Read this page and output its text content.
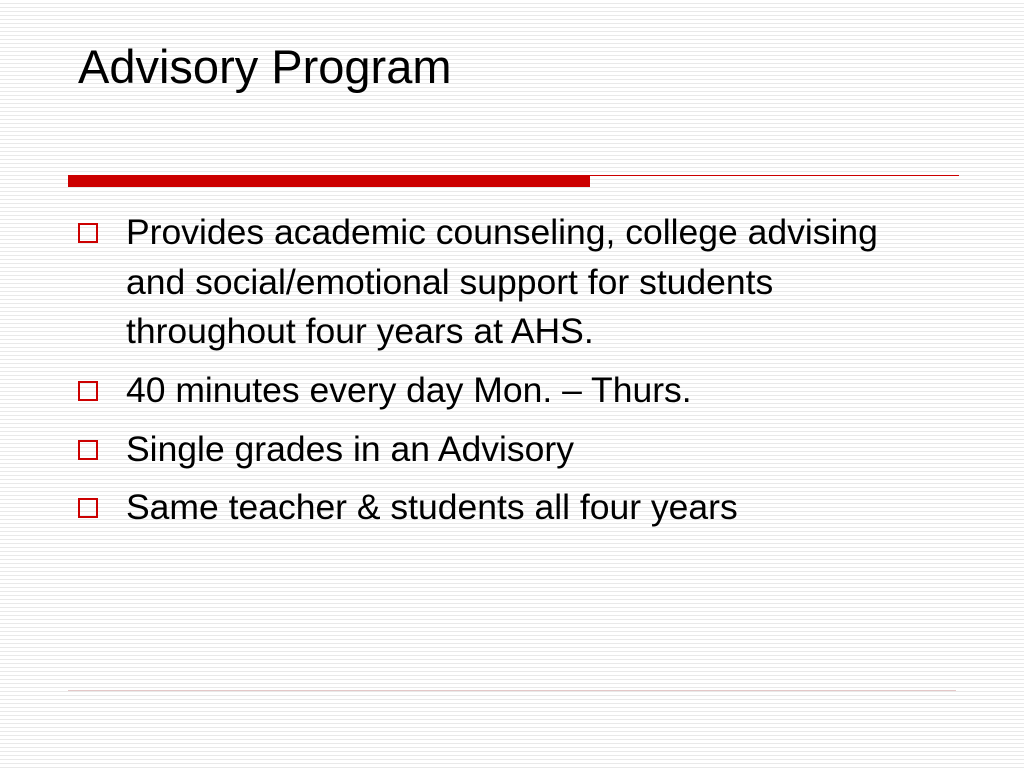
Advisory Program
Provides academic counseling, college advising and social/emotional support for students throughout four years at AHS.
40 minutes every day Mon. – Thurs.
Single grades in an Advisory
Same teacher & students all four years
